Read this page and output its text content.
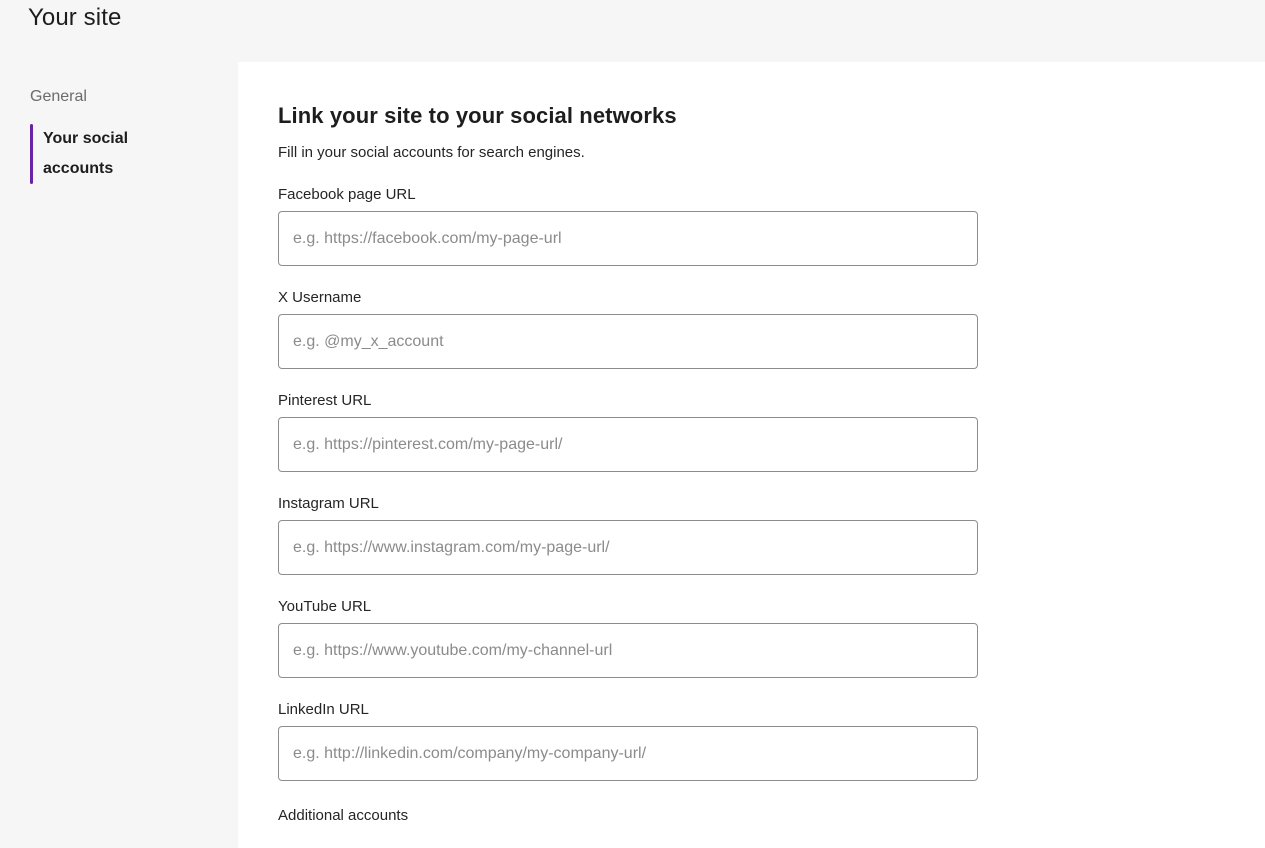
Your site
General
Your social accounts
Link your site to your social networks

Fill in your social accounts for search engines.

Facebook page URL
e.g. https://facebook.com/my-page-url
X Username
e.g. @my_x_account
Pinterest URL
e.g. https://pinterest.com/my-page-url/
Instagram URL
e.g. https://www.instagram.com/my-page-url/
YouTube URL
e.g. https://www.youtube.com/my-channel-url
LinkedIn URL
e.g. http://linkedin.com/company/my-company-url/
Additional accounts
